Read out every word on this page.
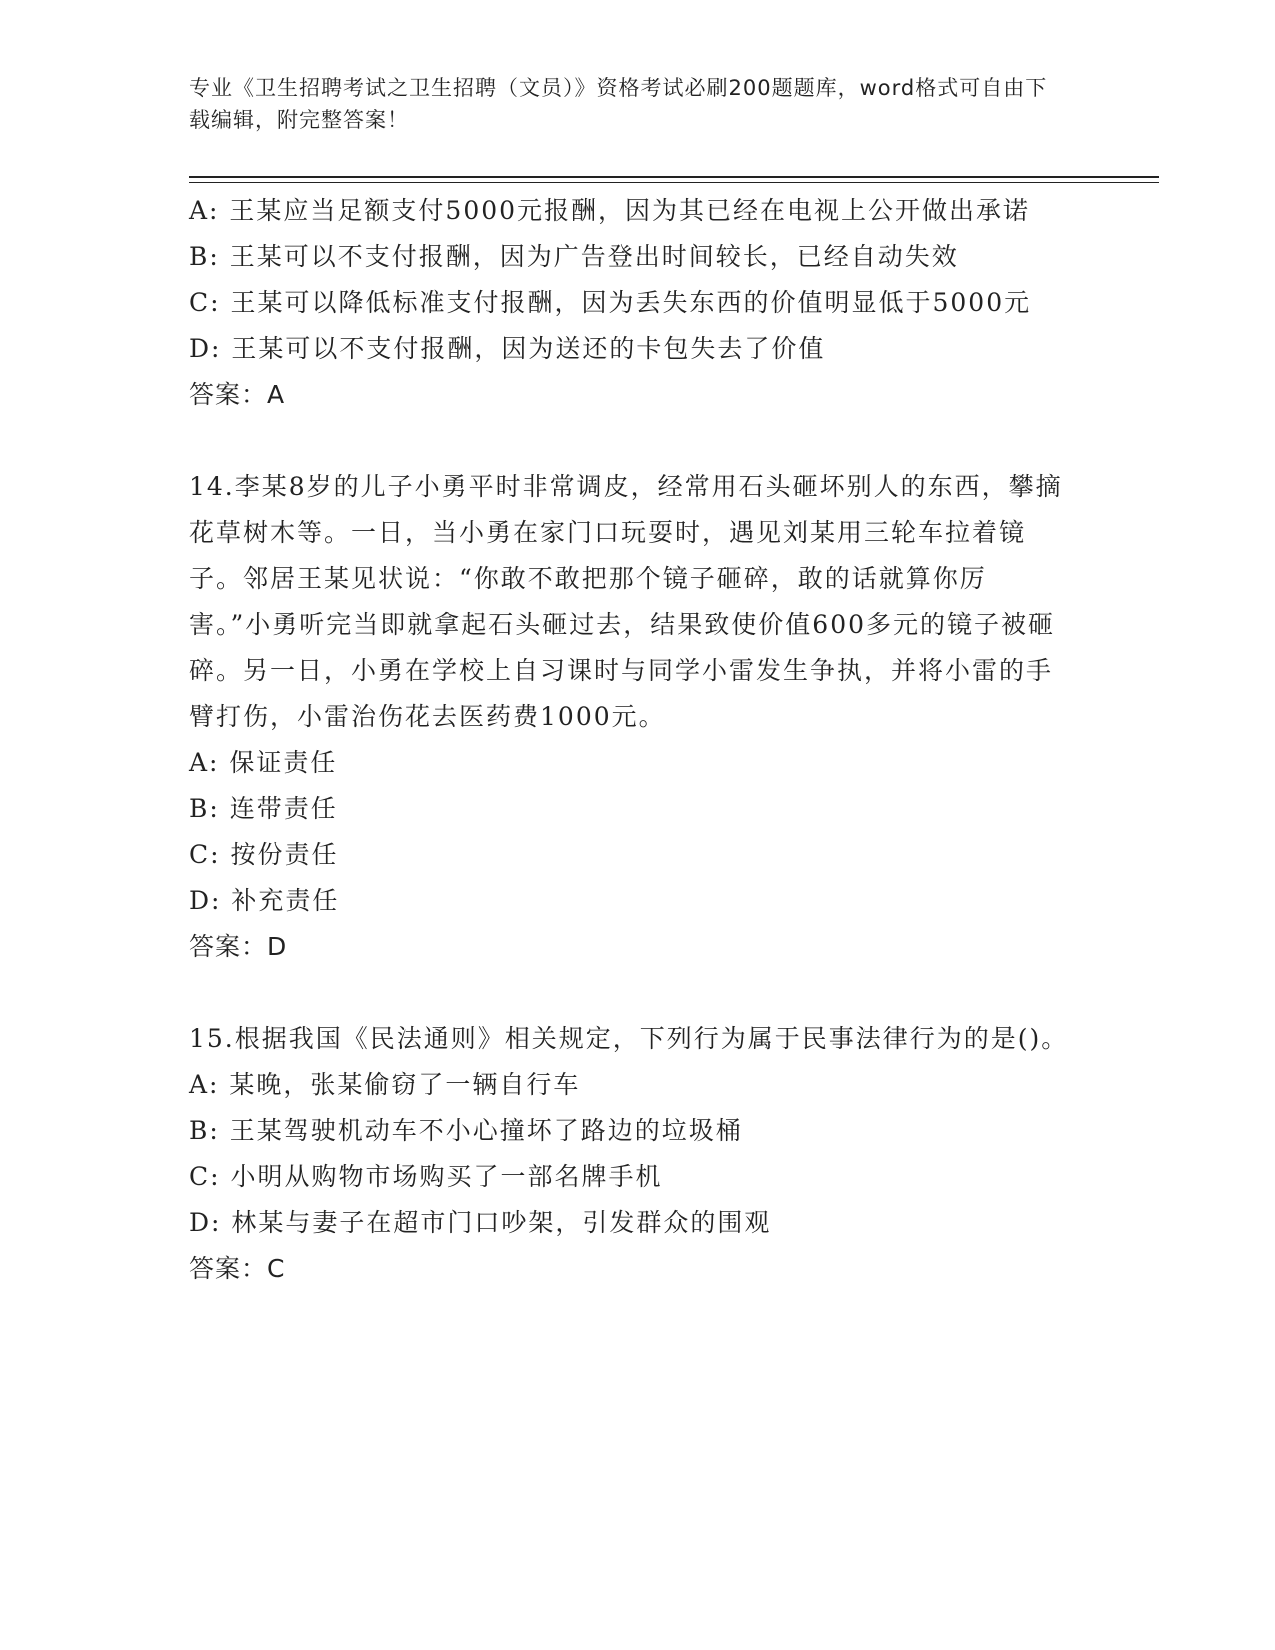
专业《卫生招聘考试之卫生招聘（文员）》资格考试必刷200题题库，word格式可自由下载编辑，附完整答案！

A: 王某应当足额支付5000元报酬，因为其已经在电视上公开做出承诺

B: 王某可以不支付报酬，因为广告登出时间较长，已经自动失效

C: 王某可以降低标准支付报酬，因为丢失东西的价值明显低于5000元

D: 王某可以不支付报酬，因为送还的卡包失去了价值

答案：A

14.李某8岁的儿子小勇平时非常调皮，经常用石头砸坏别人的东西，攀摘花草树木等。一日，当小勇在家门口玩耍时，遇见刘某用三轮车拉着镜子。邻居王某见状说：“你敢不敢把那个镜子砸碎，敢的话就算你厉害。”小勇听完当即就拿起石头砸过去，结果致使价值600多元的镜子被砸碎。另一日，小勇在学校上自习课时与同学小雷发生争执，并将小雷的手臂打伤，小雷治伤花去医药费1000元。

A: 保证责任

B: 连带责任

C: 按份责任

D: 补充责任

答案：D

15.根据我国《民法通则》相关规定，下列行为属于民事法律行为的是()。

A: 某晚，张某偷窃了一辆自行车

B: 王某驾驶机动车不小心撞坏了路边的垃圾桶

C: 小明从购物市场购买了一部名牌手机

D: 林某与妻子在超市门口吵架，引发群众的围观

答案：C
